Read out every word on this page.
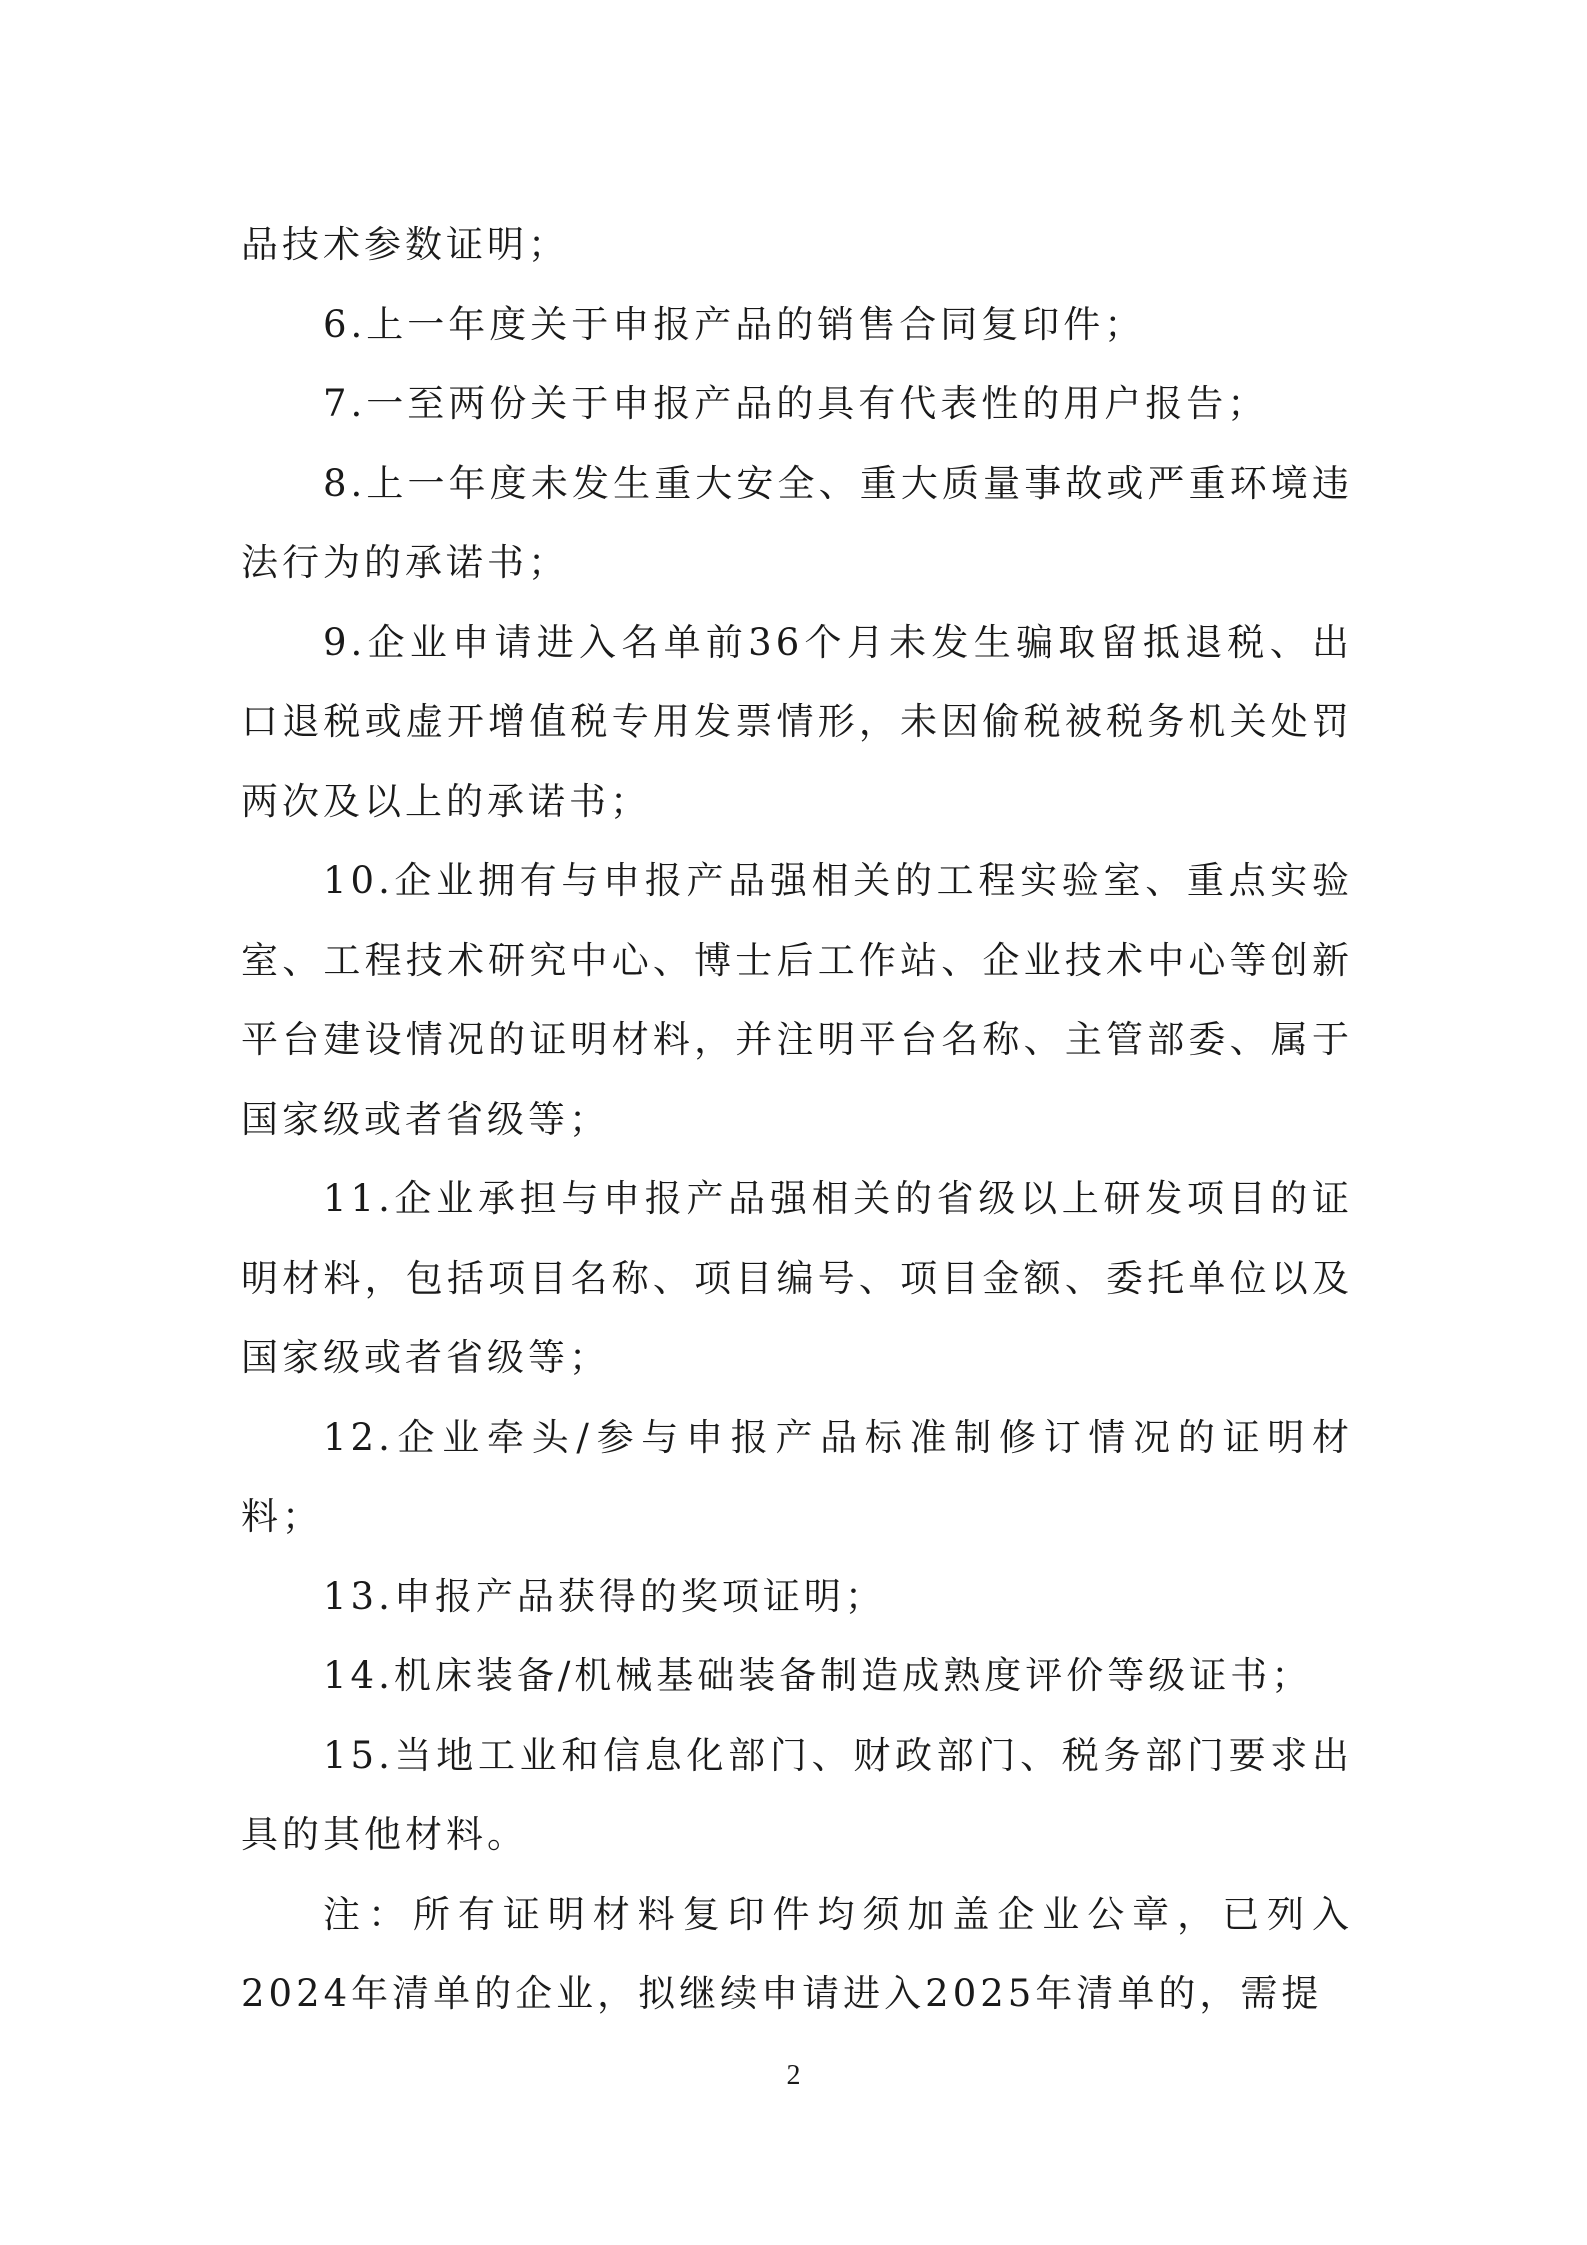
品技术参数证明；

6.上一年度关于申报产品的销售合同复印件；

7.一至两份关于申报产品的具有代表性的用户报告；

8.上一年度未发生重大安全、重大质量事故或严重环境违法行为的承诺书；

9.企业申请进入名单前36个月未发生骗取留抵退税、出口退税或虚开增值税专用发票情形，未因偷税被税务机关处罚两次及以上的承诺书；

10.企业拥有与申报产品强相关的工程实验室、重点实验室、工程技术研究中心、博士后工作站、企业技术中心等创新平台建设情况的证明材料，并注明平台名称、主管部委、属于国家级或者省级等；

11.企业承担与申报产品强相关的省级以上研发项目的证明材料，包括项目名称、项目编号、项目金额、委托单位以及国家级或者省级等；

12.企业牵头/参与申报产品标准制修订情况的证明材料；

13.申报产品获得的奖项证明；

14.机床装备/机械基础装备制造成熟度评价等级证书；

15.当地工业和信息化部门、财政部门、税务部门要求出具的其他材料。

注：所有证明材料复印件均须加盖企业公章，已列入2024年清单的企业，拟继续申请进入2025年清单的，需提

2
